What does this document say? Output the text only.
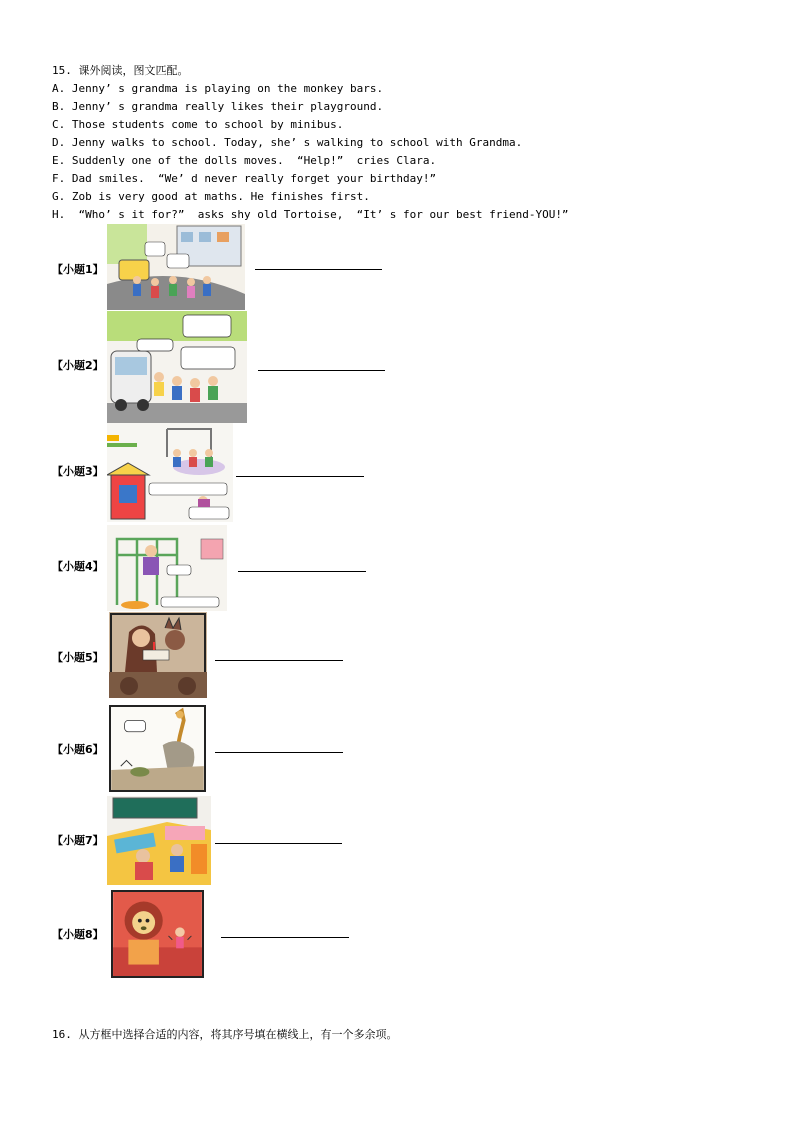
15. 课外阅读，图文匹配。
A. Jenny’ s grandma is playing on the monkey bars.
B. Jenny’ s grandma really likes their playground.
C. Those students come to school by minibus.
D. Jenny walks to school. Today, she’ s walking to school with Grandma.
E. Suddenly one of the dolls moves.  “Help!”  cries Clara.
F. Dad smiles.  “We’ d never really forget your birthday!”
G. Zob is very good at maths. He finishes first.
H.  “Who’ s it for?”  asks shy old Tortoise,  “It’ s for our best friend-YOU!”
【小题1】
【小题2】
【小题3】
【小题4】
【小题5】
【小题6】
【小题7】
【小题8】
16. 从方框中选择合适的内容，将其序号填在横线上，有一个多余项。
